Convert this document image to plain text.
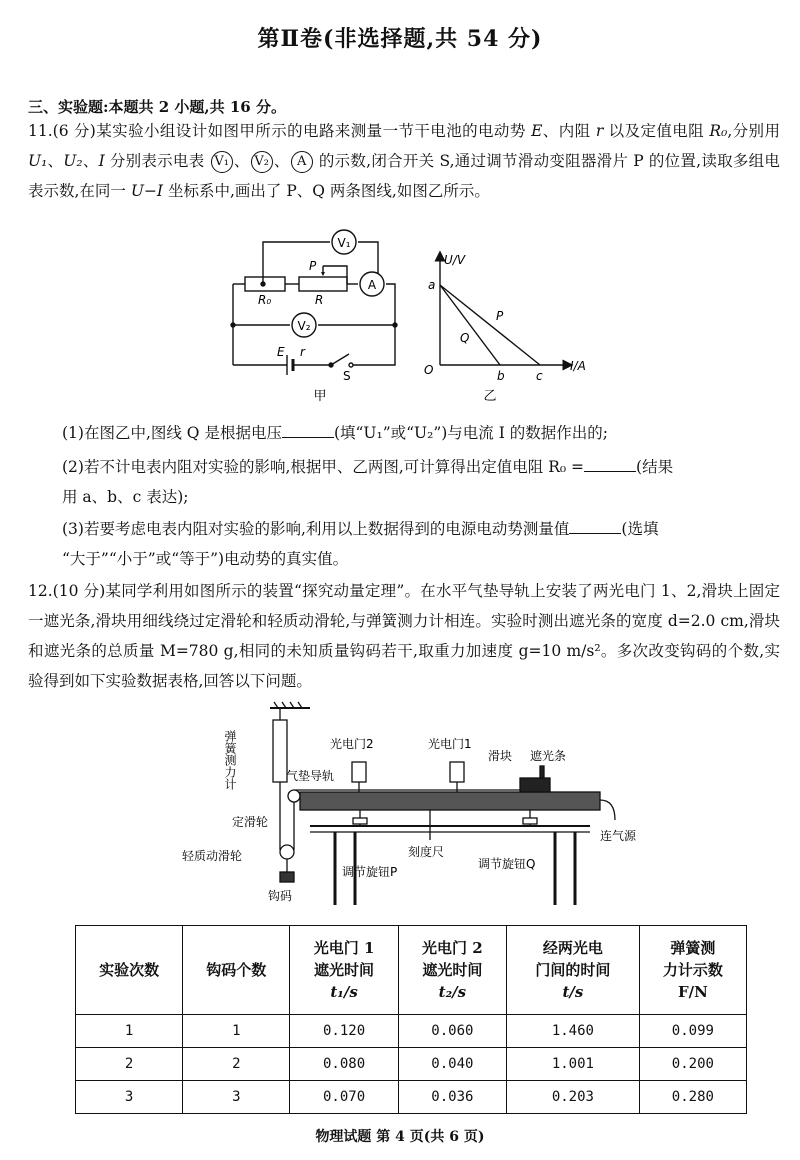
第Ⅱ卷(非选择题,共 54 分)
三、实验题:本题共 2 小题,共 16 分。
11.(6 分)某实验小组设计如图甲所示的电路来测量一节干电池的电动势 E、内阻 r 以及定值电阻 R₀,分别用 U₁、U₂、I 分别表示电表 V₁ 、 V₂ 、 A 的示数,闭合开关 S,通过调节滑动变阻器滑片 P 的位置,读取多组电表示数,在同一 U−I 坐标系中,画出了 P、Q 两条图线,如图乙所示。
V₁
A
V₂
P
R₀	R
E r
S
甲
U/V
I/A
O
a
b	c
P
Q
乙
(1)在图乙中,图线 Q 是根据电压	(填“U₁”或“U₂”)与电流 I 的数据作出的;
(2)若不计电表内阻对实验的影响,根据甲、乙两图,可计算得出定值电阻 R₀ =	(结果
用 a、b、c 表达);
(3)若要考虑电表内阻对实验的影响,利用以上数据得到的电源电动势测量值	(选填
“大于”“小于”或“等于”)电动势的真实值。
12.(10 分)某同学利用如图所示的装置“探究动量定理”。在水平气垫导轨上安装了两光电门 1、2,滑块上固定一遮光条,滑块用细线绕过定滑轮和轻质动滑轮,与弹簧测力计相连。实验时测出遮光条的宽度 d=2.0 cm,滑块和遮光条的总质量 M=780 g,相同的未知质量钩码若干,取重力加速度 g=10 m/s²。多次改变钩码的个数,实验得到如下实验数据表格,回答以下问题。
弹簧测力计	光电门2	光电门1
滑块 遮光条
气垫导轨
定滑轮
轻质动滑轮
钩码
刻度尺
调节旋钮P
调节旋钮Q
连气源
实验次数	钩码个数	光电门 1
遮光时间
t₁/s	光电门 2
遮光时间
t₂/s	经两光电
门间的时间
t/s	弹簧测
力计示数
F/N
1	1	0.120	0.060	1.460	0.099
2	2	0.080	0.040	1.001	0.200
3	3	0.070	0.036	0.203	0.280
物理试题 第 4 页(共 6 页)
